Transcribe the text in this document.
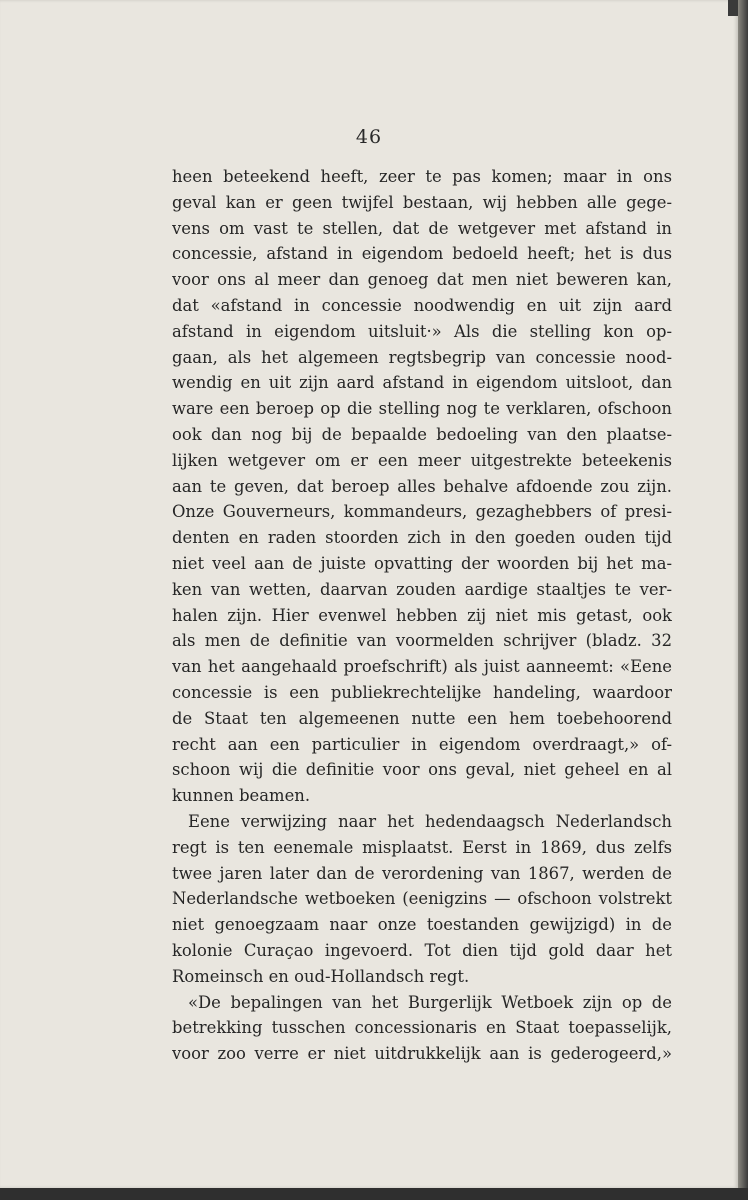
46
heen beteekend heeft, zeer te pas komen; maar in ons
geval kan er geen twijfel bestaan, wij hebben alle gege-
vens om vast te stellen, dat de wetgever met afstand in
concessie, afstand in eigendom bedoeld heeft; het is dus
voor ons al meer dan genoeg dat men niet beweren kan,
dat «afstand in concessie noodwendig en uit zijn aard
afstand in eigendom uitsluit·» Als die stelling kon op-
gaan, als het algemeen regtsbegrip van concessie nood-
wendig en uit zijn aard afstand in eigendom uitsloot, dan
ware een beroep op die stelling nog te verklaren, ofschoon
ook dan nog bij de bepaalde bedoeling van den plaatse-
lijken wetgever om er een meer uitgestrekte beteekenis
aan te geven, dat beroep alles behalve afdoende zou zijn.
Onze Gouverneurs, kommandeurs, gezaghebbers of presi-
denten en raden stoorden zich in den goeden ouden tijd
niet veel aan de juiste opvatting der woorden bij het ma-
ken van wetten, daarvan zouden aardige staaltjes te ver-
halen zijn. Hier evenwel hebben zij niet mis getast, ook
als men de definitie van voormelden schrijver (bladz. 32
van het aangehaald proefschrift) als juist aanneemt: «Eene
concessie is een publiekrechtelijke handeling, waardoor
de Staat ten algemeenen nutte een hem toebehoorend
recht aan een particulier in eigendom overdraagt,» of-
schoon wij die definitie voor ons geval, niet geheel en al
kunnen beamen.
Eene verwijzing naar het hedendaagsch Nederlandsch
regt is ten eenemale misplaatst. Eerst in 1869, dus zelfs
twee jaren later dan de verordening van 1867, werden de
Nederlandsche wetboeken (eenigzins — ofschoon volstrekt
niet genoegzaam naar onze toestanden gewijzigd) in de
kolonie Curaçao ingevoerd. Tot dien tijd gold daar het
Romeinsch en oud-Hollandsch regt.
«De bepalingen van het Burgerlijk Wetboek zijn op de
betrekking tusschen concessionaris en Staat toepasselijk,
voor zoo verre er niet uitdrukkelijk aan is gederogeerd,»
